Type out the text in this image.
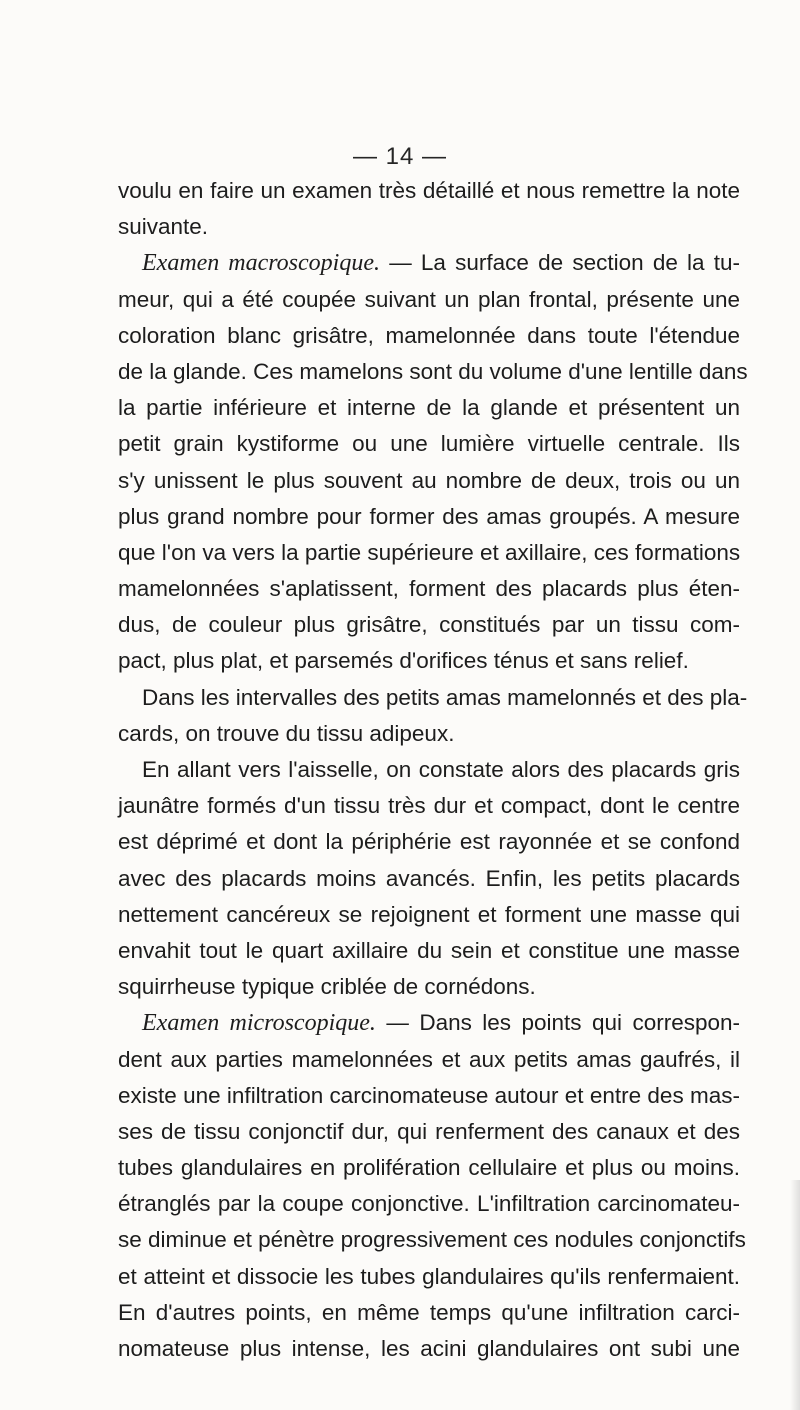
— 14 —
voulu en faire un examen très détaillé et nous remettre la note
suivante.
Examen macroscopique. — La surface de section de la tu-
meur, qui a été coupée suivant un plan frontal, présente une
coloration blanc grisâtre, mamelonnée dans toute l'étendue
de la glande. Ces mamelons sont du volume d'une lentille dans
la partie inférieure et interne de la glande et présentent un
petit grain kystiforme ou une lumière virtuelle centrale. Ils
s'y unissent le plus souvent au nombre de deux, trois ou un
plus grand nombre pour former des amas groupés. A mesure
que l'on va vers la partie supérieure et axillaire, ces formations
mamelonnées s'aplatissent, forment des placards plus éten-
dus, de couleur plus grisâtre, constitués par un tissu com-
pact, plus plat, et parsemés d'orifices ténus et sans relief.
Dans les intervalles des petits amas mamelonnés et des pla-
cards, on trouve du tissu adipeux.
En allant vers l'aisselle, on constate alors des placards gris
jaunâtre formés d'un tissu très dur et compact, dont le centre
est déprimé et dont la périphérie est rayonnée et se confond
avec des placards moins avancés. Enfin, les petits placards
nettement cancéreux se rejoignent et forment une masse qui
envahit tout le quart axillaire du sein et constitue une masse
squirrheuse typique criblée de cornédons.
Examen microscopique. — Dans les points qui correspon-
dent aux parties mamelonnées et aux petits amas gaufrés, il
existe une infiltration carcinomateuse autour et entre des mas-
ses de tissu conjonctif dur, qui renferment des canaux et des
tubes glandulaires en prolifération cellulaire et plus ou moins.
étranglés par la coupe conjonctive. L'infiltration carcinomateu-
se diminue et pénètre progressivement ces nodules conjonctifs
et atteint et dissocie les tubes glandulaires qu'ils renfermaient.
En d'autres points, en même temps qu'une infiltration carci-
nomateuse plus intense, les acini glandulaires ont subi une
